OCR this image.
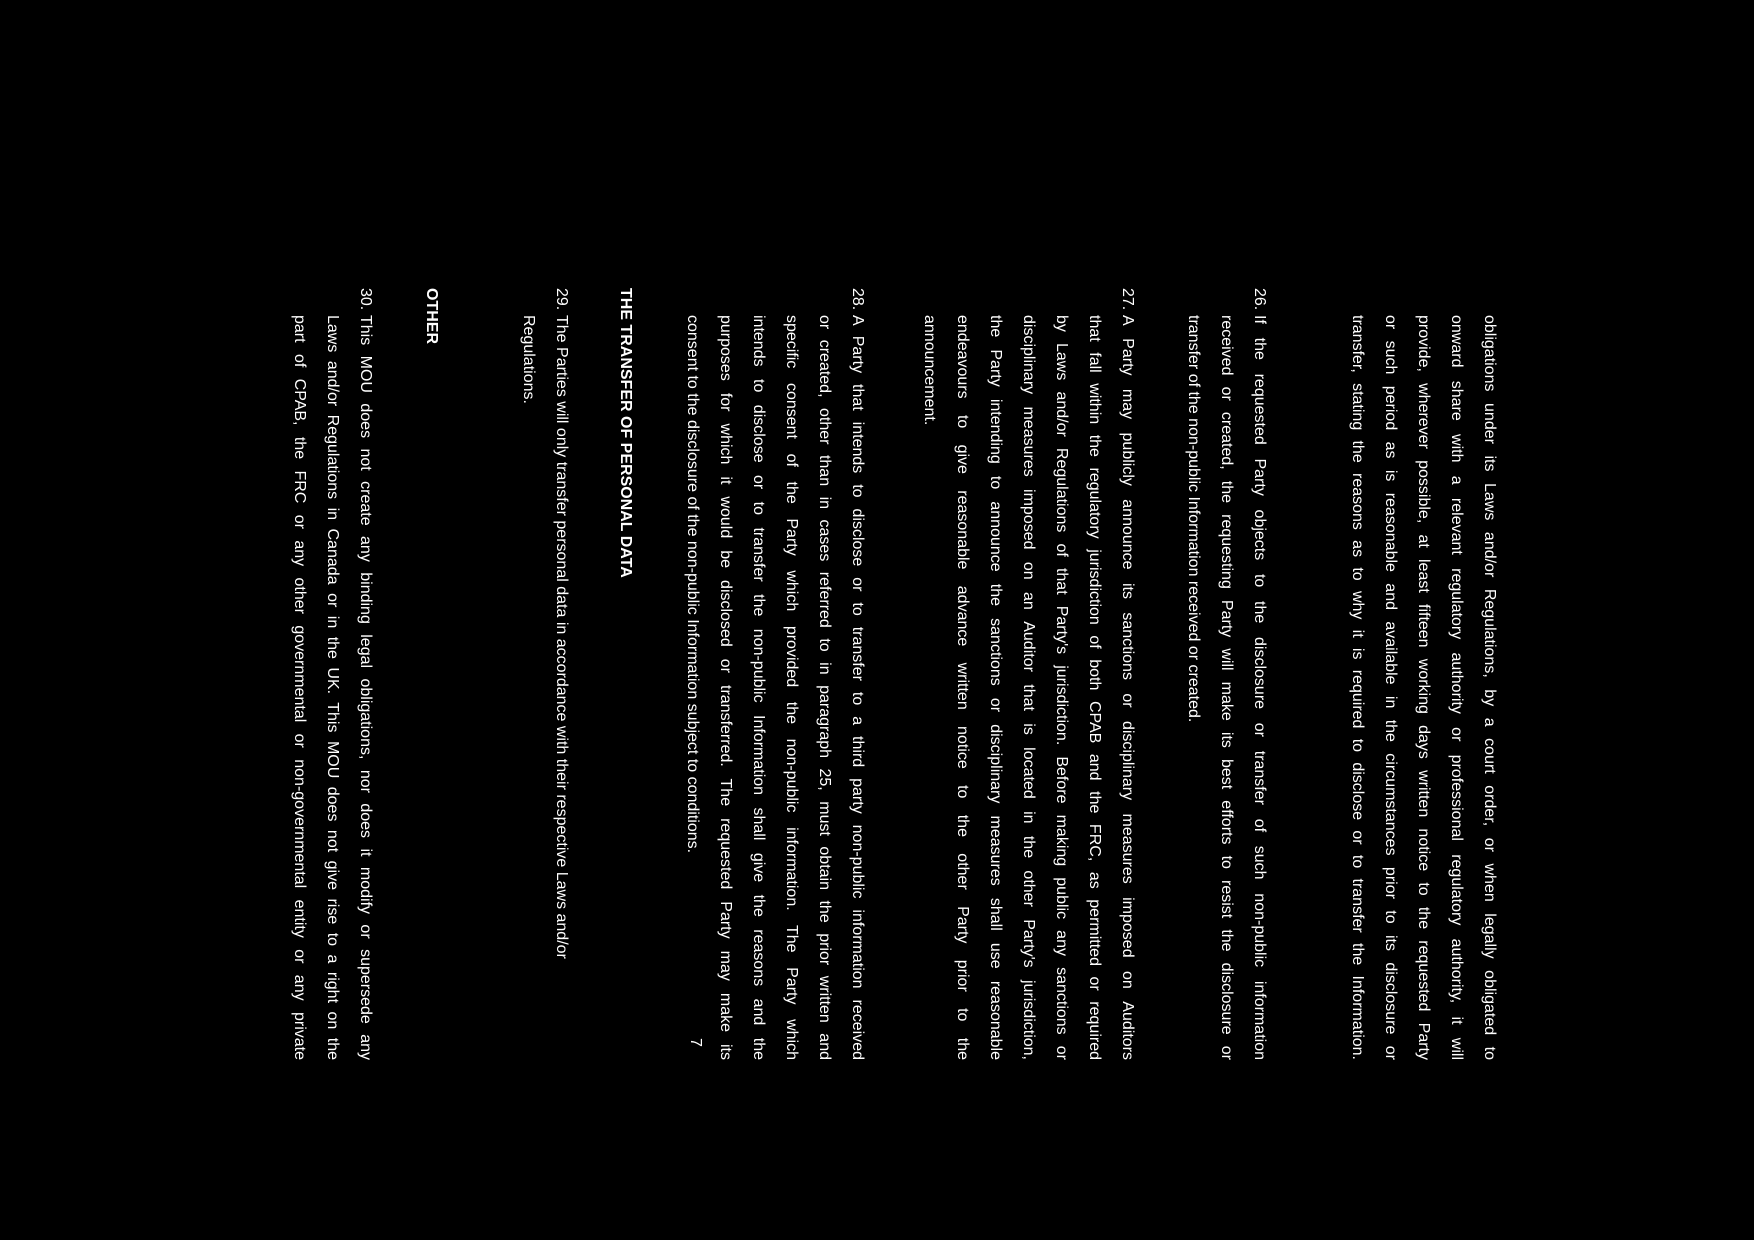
obligations under its Laws and/or Regulations, by a court order, or when legally obligated to
onward share with a relevant regulatory authority or professional regulatory authority, it will
provide, wherever possible, at least fifteen working days written notice to the requested Party
or such period as is reasonable and available in the circumstances prior to its disclosure or
transfer, stating the reasons as to why it is required to disclose or to transfer the Information.
26.
If the requested Party objects to the disclosure or transfer of such non-public information
received or created, the requesting Party will make its best efforts to resist the disclosure or
transfer of the non-public Information received or created.
27.
A Party may publicly announce its sanctions or disciplinary measures imposed on Auditors
that fall within the regulatory jurisdiction of both CPAB and the FRC, as permitted or required
by Laws and/or Regulations of that Party's jurisdiction. Before making public any sanctions or
disciplinary measures imposed on an Auditor that is located in the other Party's jurisdiction,
the Party intending to announce the sanctions or disciplinary measures shall use reasonable
endeavours to give reasonable advance written notice to the other Party prior to the
announcement.
28.
A Party that intends to disclose or to transfer to a third party non-public information received
or created, other than in cases referred to in paragraph 25, must obtain the prior written and
specific consent of the Party which provided the non-public information. The Party which
intends to disclose or to transfer the non-public Information shall give the reasons and the
purposes for which it would be disclosed or transferred. The requested Party may make its
consent to the disclosure of the non-public Information subject to conditions.
THE TRANSFER OF PERSONAL DATA
29.
The Parties will only transfer personal data in accordance with their respective Laws and/or
Regulations.
OTHER
30.
This MOU does not create any binding legal obligations, nor does it modify or supersede any
Laws and/or Regulations in Canada or in the UK. This MOU does not give rise to a right on the
part of CPAB, the FRC or any other governmental or non-governmental entity or any private	7
